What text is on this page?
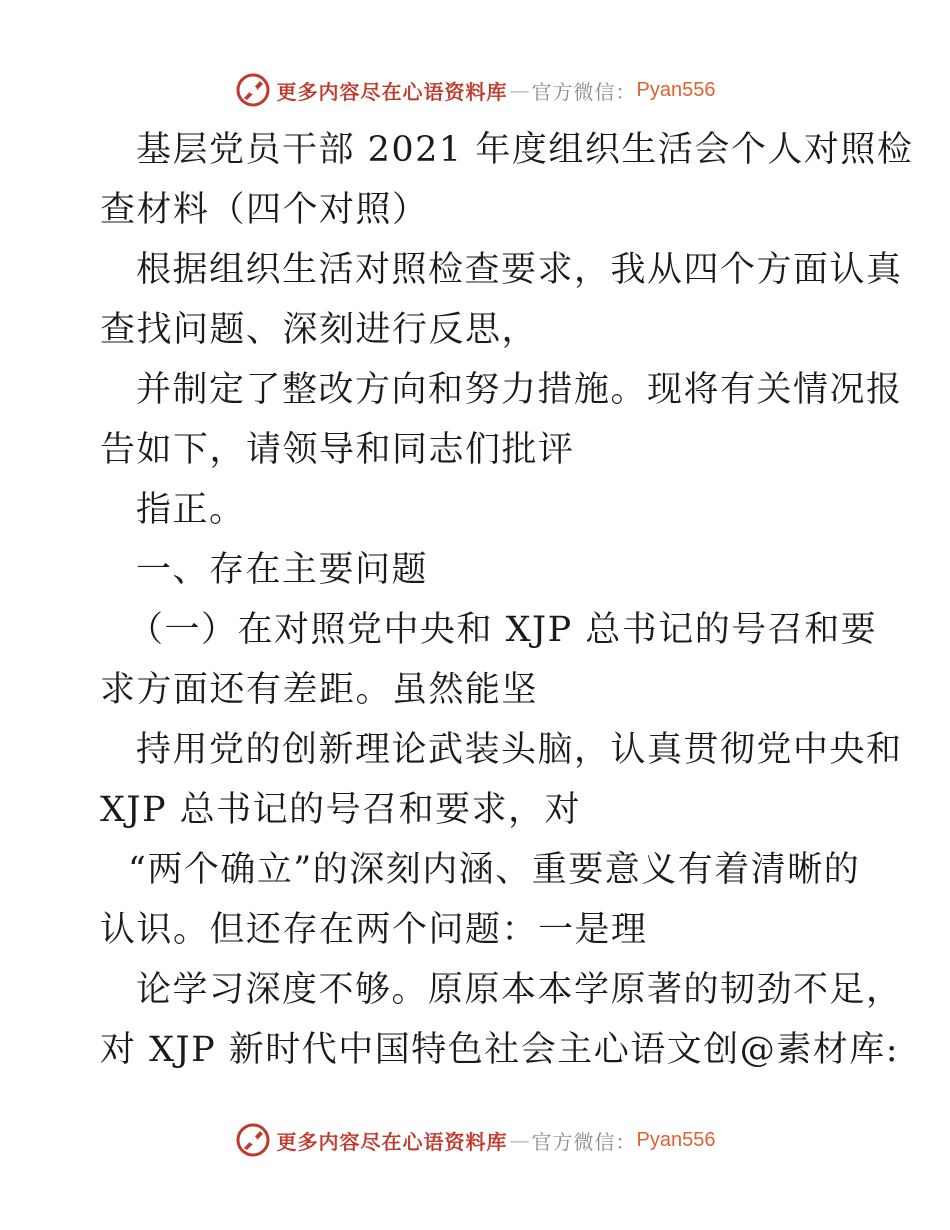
更多内容尽在心语资料库 — 官方微信： Pyan556
基层党员干部 2021 年度组织生活会个人对照检
查材料（四个对照）
根据组织生活对照检查要求，我从四个方面认真
查找问题、深刻进行反思，
并制定了整改方向和努力措施。现将有关情况报
告如下，请领导和同志们批评
指正。
一、存在主要问题
（一）在对照党中央和 XJP 总书记的号召和要
求方面还有差距。虽然能坚
持用党的创新理论武装头脑，认真贯彻党中央和
XJP 总书记的号召和要求，对
“两个确立”的深刻内涵、重要意义有着清晰的
认识。但还存在两个问题：一是理
论学习深度不够。原原本本学原著的韧劲不足，
对 XJP 新时代中国特色社会主心语文创@素材库:
更多内容尽在心语资料库 — 官方微信： Pyan556
